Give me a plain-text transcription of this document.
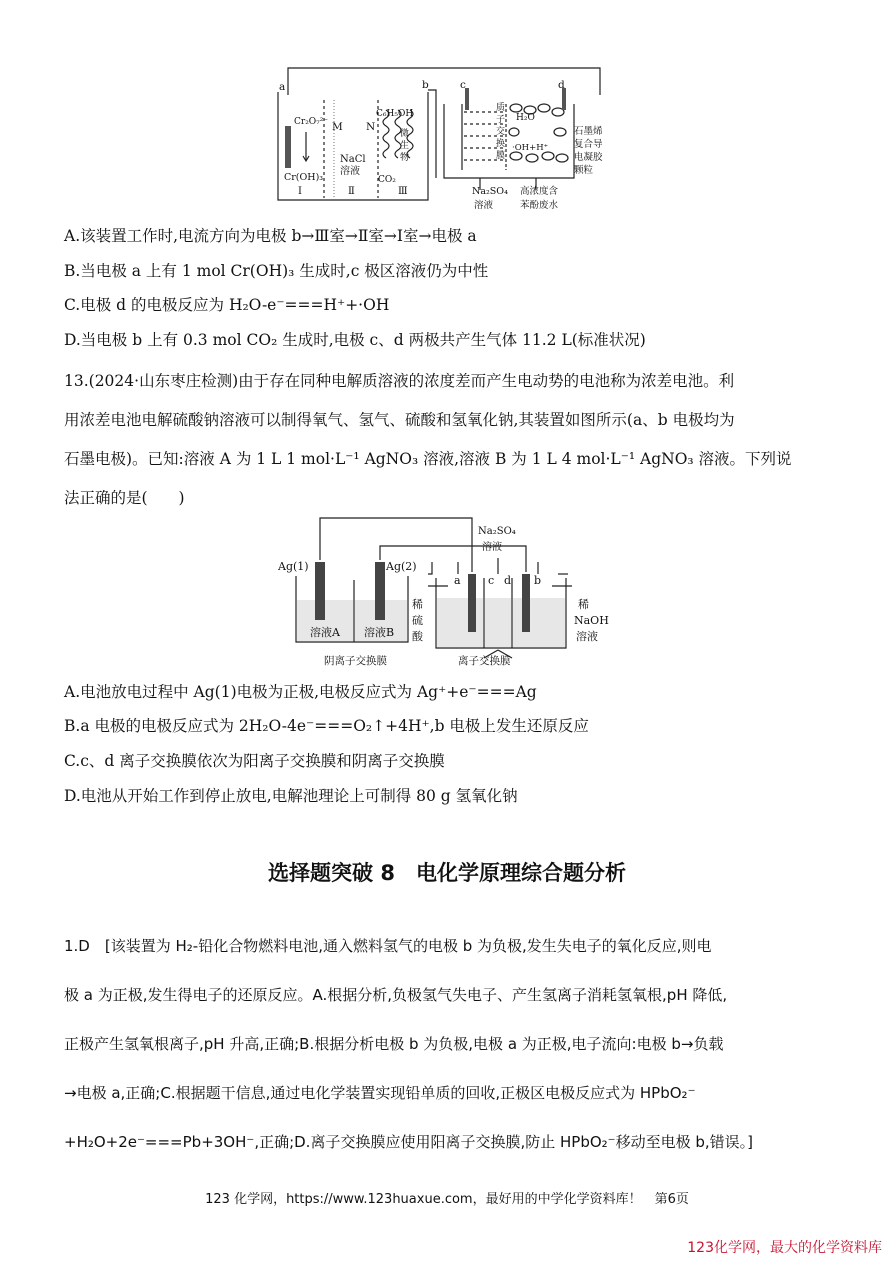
a	b	c	d
Cr₂O₇²⁻
Cr(OH)₃
M N
NaCl
溶液
Ⅰ	Ⅱ	Ⅲ
C₆H₅OH
微
生
物
CO₂
质
子
交
换
膜
H₂O
·OH+H⁺
石墨烯
复合导
电凝胶
颗粒
Na₂SO₄
溶液
高浓度含
苯酚废水
A.该装置工作时,电流方向为电极 b→Ⅲ室→Ⅱ室→Ⅰ室→电极 a
B.当电极 a 上有 1 mol Cr(OH)₃ 生成时,c 极区溶液仍为中性
C.电极 d 的电极反应为 H₂O-e⁻===H⁺+·OH
D.当电极 b 上有 0.3 mol CO₂ 生成时,电极 c、d 两极共产生气体 11.2 L(标准状况)
13.(2024·山东枣庄检测)由于存在同种电解质溶液的浓度差而产生电动势的电池称为浓差电池。利
用浓差电池电解硫酸钠溶液可以制得氧气、氢气、硫酸和氢氧化钠,其装置如图所示(a、b 电极均为
石墨电极)。已知:溶液 A 为 1 L 1 mol·L⁻¹ AgNO₃ 溶液,溶液 B 为 1 L 4 mol·L⁻¹ AgNO₃ 溶液。下列说
法正确的是(　　)
Ag(1)	Ag(2)
溶液A 溶液B
阴离子交换膜
稀
硫
酸
Na₂SO₄
溶液
a c d b
离子交换膜
稀
NaOH
溶液
A.电池放电过程中 Ag(1)电极为正极,电极反应式为 Ag⁺+e⁻===Ag
B.a 电极的电极反应式为 2H₂O-4e⁻===O₂↑+4H⁺,b 电极上发生还原反应
C.c、d 离子交换膜依次为阳离子交换膜和阴离子交换膜
D.电池从开始工作到停止放电,电解池理论上可制得 80 g 氢氧化钠
选择题突破 8　电化学原理综合题分析
1.D　[该装置为 H₂-铅化合物燃料电池,通入燃料氢气的电极 b 为负极,发生失电子的氧化反应,则电
极 a 为正极,发生得电子的还原反应。A.根据分析,负极氢气失电子、产生氢离子消耗氢氧根,pH 降低,
正极产生氢氧根离子,pH 升高,正确;B.根据分析电极 b 为负极,电极 a 为正极,电子流向:电极 b→负载
→电极 a,正确;C.根据题干信息,通过电化学装置实现铅单质的回收,正极区电极反应式为 HPbO₂⁻
+H₂O+2e⁻===Pb+3OH⁻,正确;D.离子交换膜应使用阳离子交换膜,防止 HPbO₂⁻移动至电极 b,错误。]
123 化学网，https://www.123huaxue.com，最好用的中学化学资料库！　第6页
123化学网，最大的化学资料库
